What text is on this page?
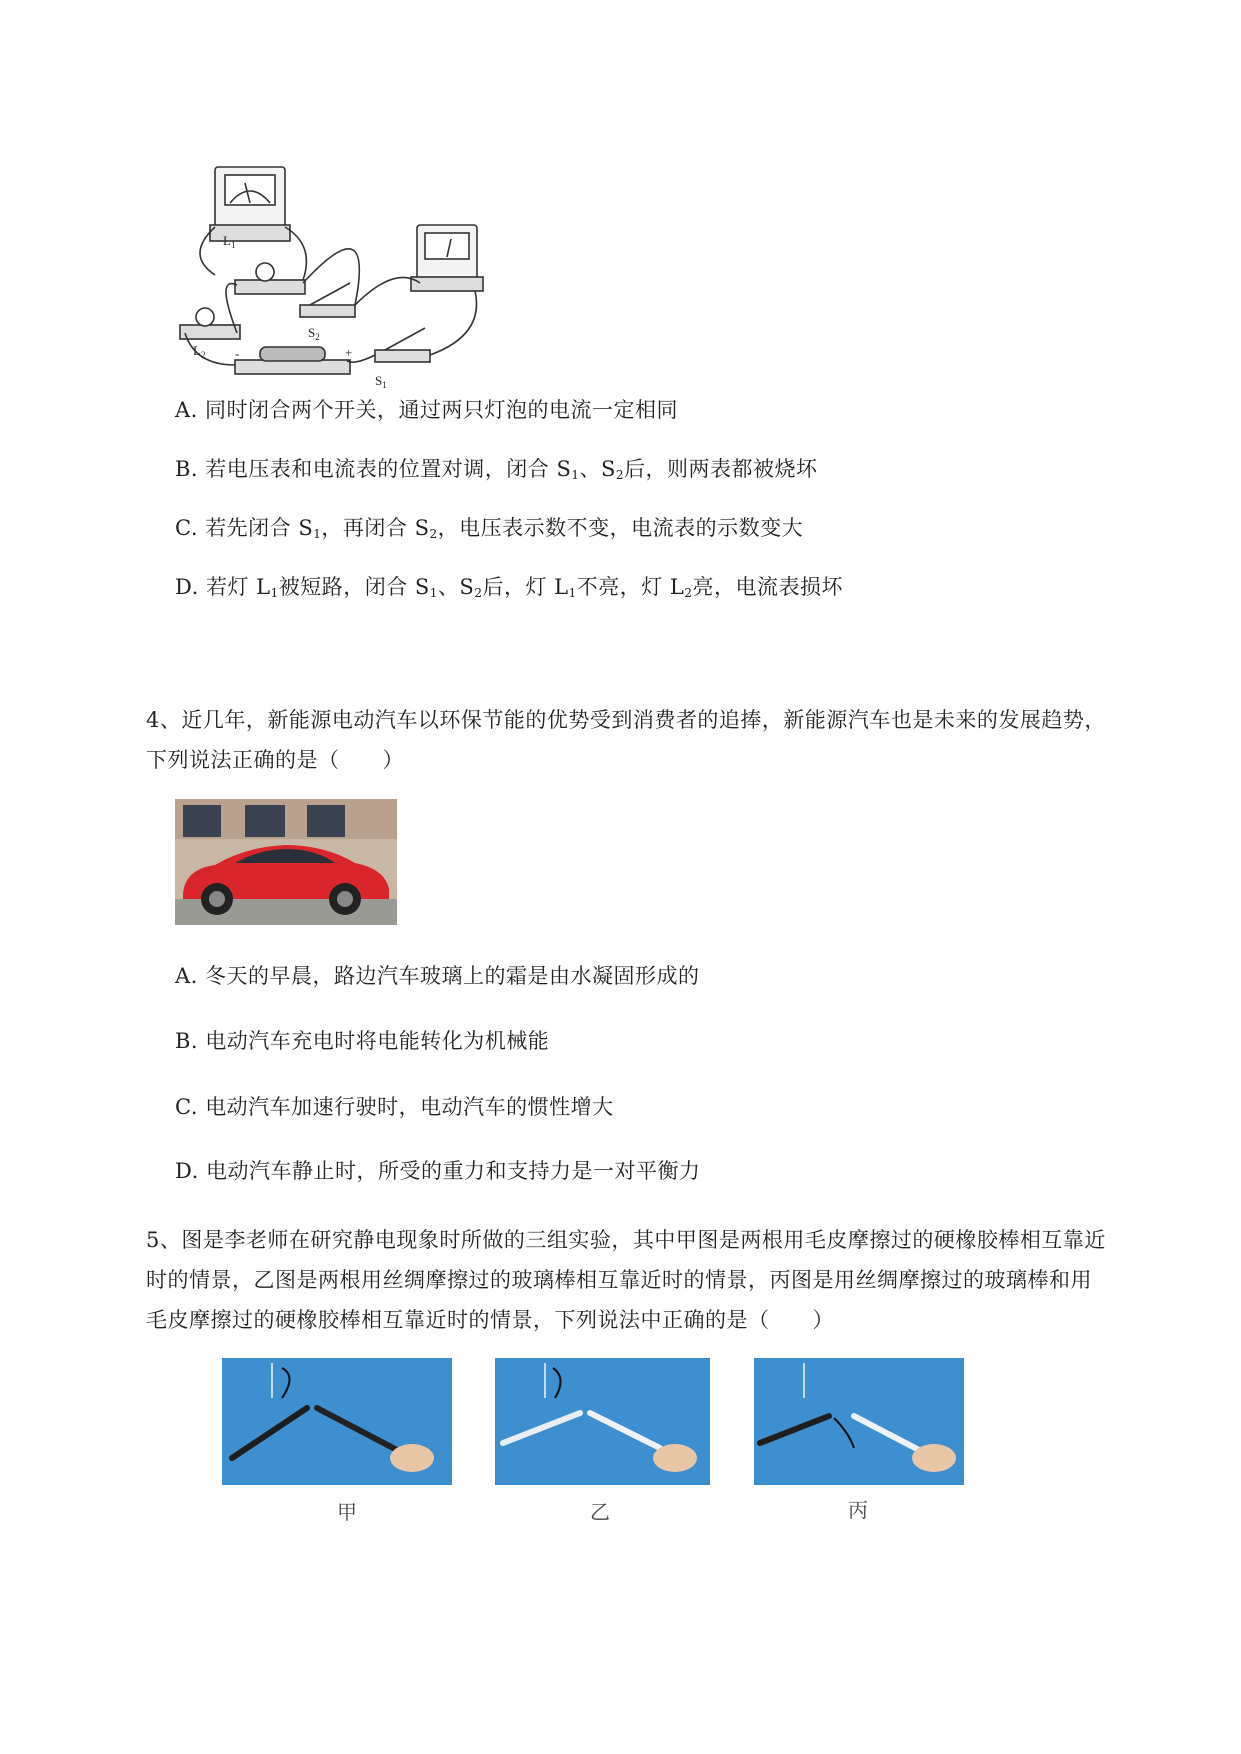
$L_1$
$L_2$
$S_2$
$S_1$
-	+
A. 同时闭合两个开关，通过两只灯泡的电流一定相同
B. 若电压表和电流表的位置对调，闭合 $S_1$、$S_2$后，则两表都被烧坏
C. 若先闭合 $S_1$，再闭合 $S_2$，电压表示数不变，电流表的示数变大
D. 若灯 $L_1$被短路，闭合 $S_1$、$S_2$后，灯 $L_1$不亮，灯 $L_2$亮，电流表损坏
4、近几年，新能源电动汽车以环保节能的优势受到消费者的追捧，新能源汽车也是未来的发展趋势，
下列说法正确的是（　　）
A. 冬天的早晨，路边汽车玻璃上的霜是由水凝固形成的
B. 电动汽车充电时将电能转化为机械能
C. 电动汽车加速行驶时，电动汽车的惯性增大
D. 电动汽车静止时，所受的重力和支持力是一对平衡力
5、图是李老师在研究静电现象时所做的三组实验，其中甲图是两根用毛皮摩擦过的硬橡胶棒相互靠近
时的情景，乙图是两根用丝绸摩擦过的玻璃棒相互靠近时的情景，丙图是用丝绸摩擦过的玻璃棒和用
毛皮摩擦过的硬橡胶棒相互靠近时的情景，下列说法中正确的是（　　）
甲	乙	丙
